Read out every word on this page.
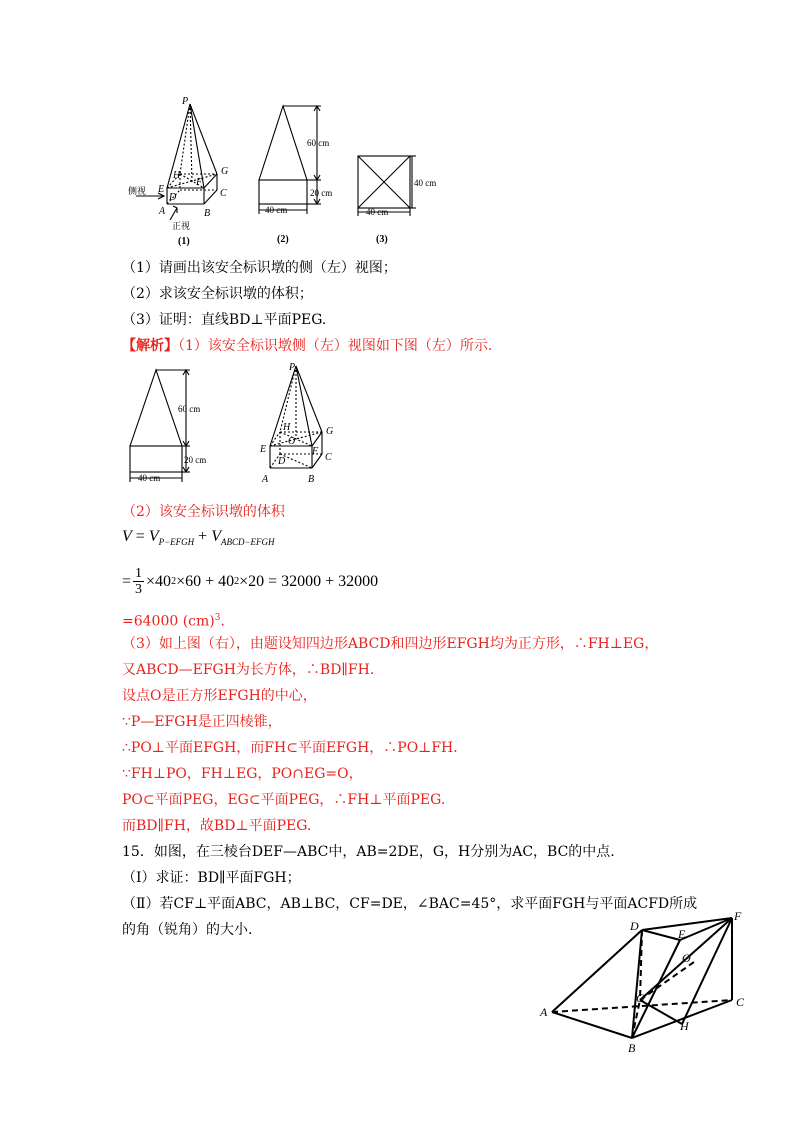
P
H	G
E
F
C
D
A	B
侧视
正视
(1)
60 cm
20 cm
40 cm
(2)
40 cm
40 cm
(3)
（1）请画出该安全标识墩的侧（左）视图；
（2）求该安全标识墩的体积；
（3）证明：直线BD⊥平面PEG.
【解析】（1）该安全标识墩侧（左）视图如下图（左）所示.
60 cm
20 cm
40 cm
P
H	G
E	F
C
D
O
A	B
（2）该安全标识墩的体积
$V = V_{P-EFGH} + V_{ABCD-EFGH}$
= $\frac{1}{3} \times 40$ 2 ×60 + 40 2 ×20 = 32000 + 32000
=64000 (cm)$^3$.
（3）如上图（右），由题设知四边形ABCD和四边形EFGH均为正方形，∴FH⊥EG，
又ABCD—EFGH为长方体，∴BD∥FH.
设点O是正方形EFGH的中心，
∵P—EFGH是正四棱锥，
∴PO⊥平面EFGH，而FH⊂平面EFGH，∴PO⊥FH.
∵FH⊥PO，FH⊥EG，PO∩EG=O，
PO⊂平面PEG，EG⊂平面PEG，∴FH⊥平面PEG.
而BD∥FH，故BD⊥平面PEG.
15．如图，在三棱台DEF—ABC中，AB=2DE，G，H分别为AC，BC的中点.
（Ⅰ）求证：BD∥平面FGH；
（Ⅱ）若CF⊥平面ABC，AB⊥BC，CF=DE，∠BAC=45°，求平面FGH与平面ACFD所成
的角（锐角）的大小.	D
E
F
O
A
G	C
H
B
